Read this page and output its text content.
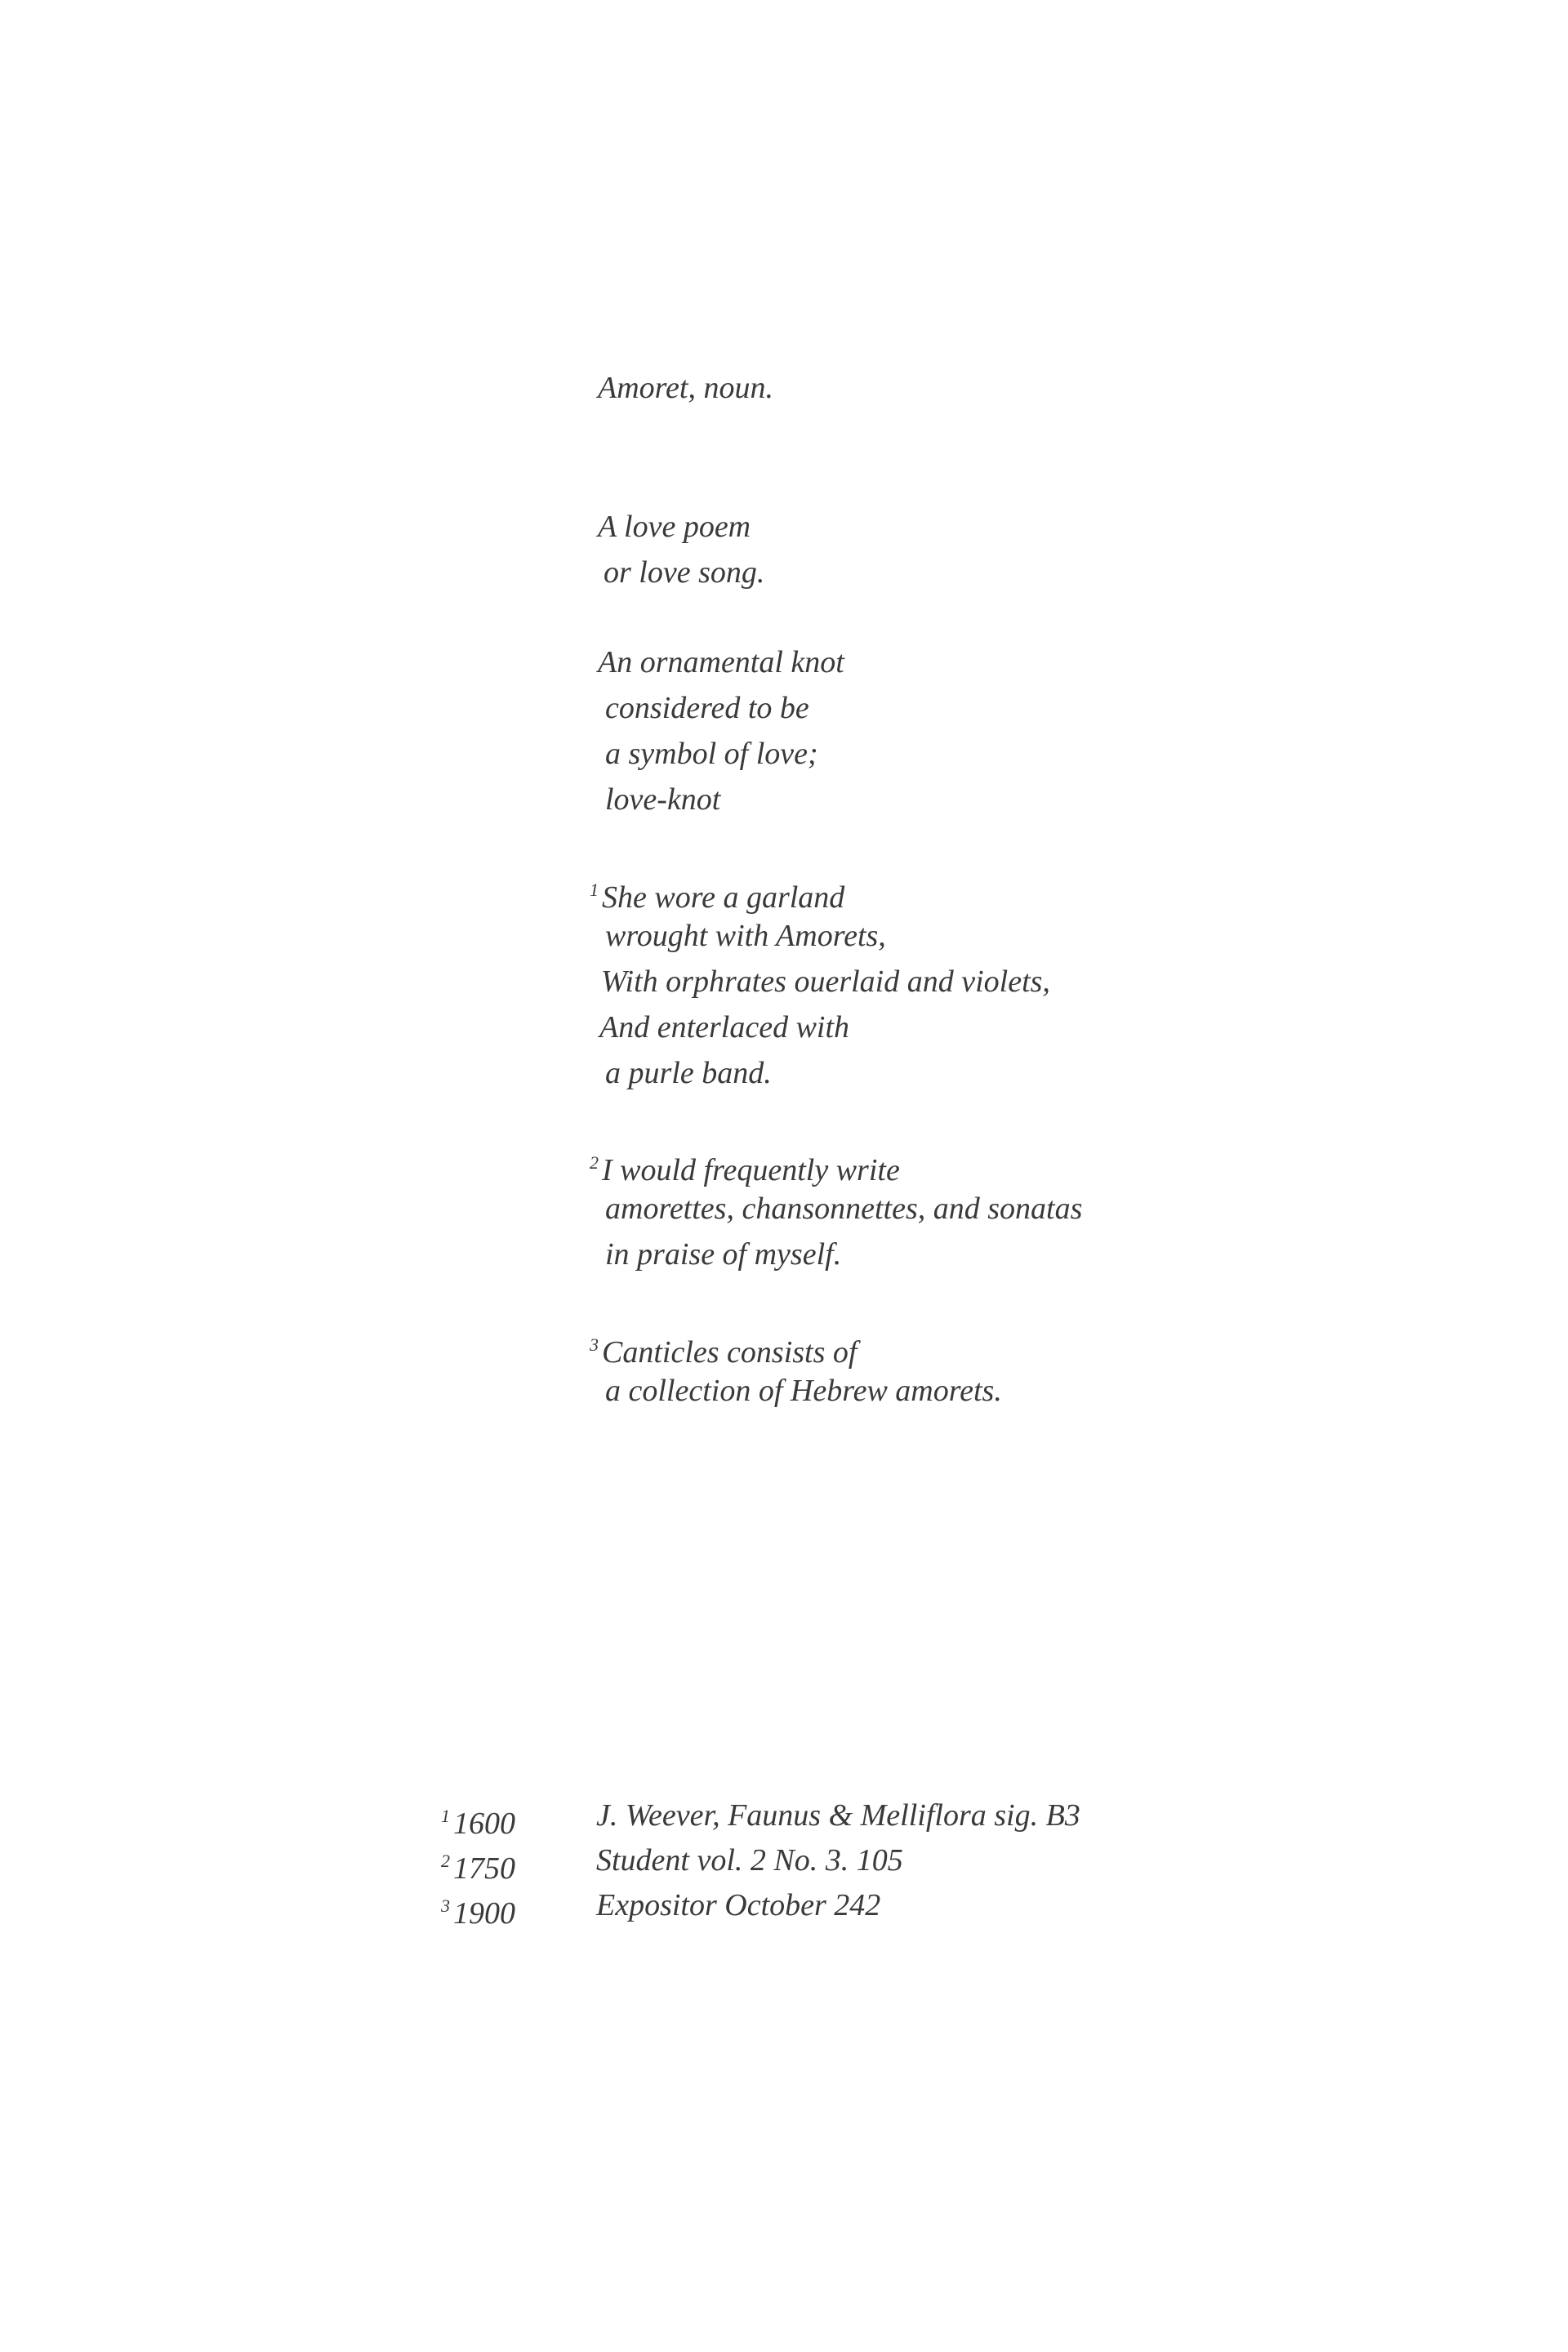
Amoret, noun.
A love poem
or love song.
An ornamental knot
considered to be
a symbol of love;
love-knot
$^1$ She wore a garland
wrought with Amorets,
With orphrates ouerlaid and violets,
And enterlaced with
a purle band.
$^2$ I would frequently write
amorettes, chansonnettes, and sonatas
in praise of myself.
$^3$ Canticles consists of
a collection of Hebrew amorets.
$^1$ 1600	J. Weever, Faunus & Melliflora sig. B3
$^2$ 1750	Student vol. 2 No. 3. 105
$^3$ 1900	Expositor October 242
